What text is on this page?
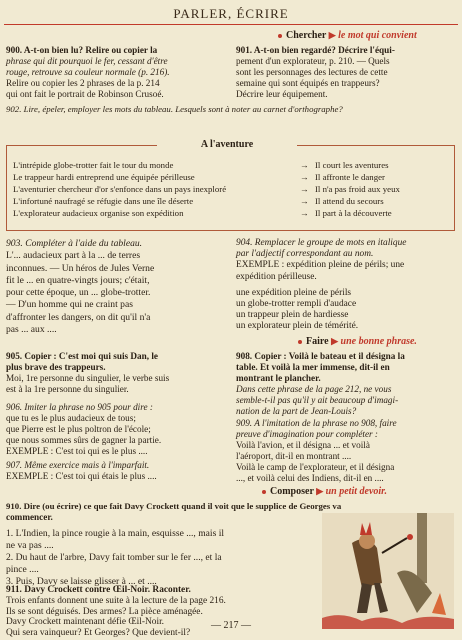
PARLER, ÉCRIRE
Chercher ▶ le mot qui convient
900. A-t-on bien lu? Relire ou copier la
phrase qui dit pourquoi le fer, cessant d'être
rouge, retrouve sa couleur normale (p. 216).
Relire ou copier les 2 phrases de la p. 214
qui ont fait le portrait de Robinson Crusoé.
901. A-t-on bien regardé? Décrire l'équi-
pement d'un explorateur, p. 210. — Quels
sont les personnages des lectures de cette
semaine qui sont équipés en trappeurs?
Décrire leur équipement.
902. Lire, épeler, employer les mots du tableau. Lesquels sont à noter au carnet d'orthographe?
A l'aventure
L'intrépide globe-trotter fait le tour du monde
Le trappeur hardi entreprend une équipée périlleuse
L'aventurier chercheur d'or s'enfonce dans un pays inexploré
L'infortuné naufragé se réfugie dans une île déserte
L'explorateur audacieux organise son expédition
→
→
→
→
→
Il court les aventures
Il affronte le danger
Il n'a pas froid aux yeux
Il attend du secours
Il part à la découverte
903. Compléter à l'aide du tableau.
L'... audacieux part à la ... de terres
inconnues. — Un héros de Jules Verne
fit le ... en quatre-vingts jours; c'était,
pour cette époque, un ... globe-trotter.
— D'un homme qui ne craint pas
d'affronter les dangers, on dit qu'il n'a
pas ... aux ....
904. Remplacer le groupe de mots en italique
par l'adjectif correspondant au nom.
EXEMPLE : expédition pleine de périls; une
expédition périlleuse.
une expédition pleine de périls
un globe-trotter rempli d'audace
un trappeur plein de hardiesse
un explorateur plein de témérité.
Faire ▶ une bonne phrase.
905. Copier : C'est moi qui suis Dan, le
plus brave des trappeurs.
Moi, 1re personne du singulier, le verbe suis
est à la 1re personne du singulier.
906. Imiter la phrase no 905 pour dire :
que tu es le plus audacieux de tous;
que Pierre est le plus poltron de l'école;
que nous sommes sûrs de gagner la partie.
EXEMPLE : C'est toi qui es le plus ....
907. Même exercice mais à l'imparfait.
EXEMPLE : C'est toi qui étais le plus ....
908. Copier : Voilà le bateau et il désigna la
table. Et voilà la mer immense, dit-il en
montrant le plancher.
Dans cette phrase de la page 212, ne vous
semble-t-il pas qu'il y ait beaucoup d'imagi-
nation de la part de Jean-Louis?
909. A l'imitation de la phrase no 908, faire
preuve d'imagination pour compléter :
Voilà l'avion, et il désigna ... et voilà
l'aéroport, dit-il en montrant ....
Voilà le camp de l'explorateur, et il désigna
..., et voilà celui des Indiens, dit-il en ....
Composer ▶ un petit devoir.
910. Dire (ou écrire) ce que fait Davy Crockett quand il voit que le supplice de Georges va
commencer.
1. L'Indien, la pince rougie à la main, esquisse ..., mais il
ne va pas ....
2. Du haut de l'arbre, Davy fait tomber sur le fer ..., et la
pince ....
3. Puis, Davy se laisse glisser à ... et ....
911. Davy Crockett contre Œil-Noir. Raconter.
Trois enfants donnent une suite à la lecture de la page 216.
Ils se sont déguisés. Des armes? La pièce aménagée.
Davy Crockett maintenant défie Œil-Noir.
Qui sera vainqueur? Et Georges? Que devient-il?
— 217 —
